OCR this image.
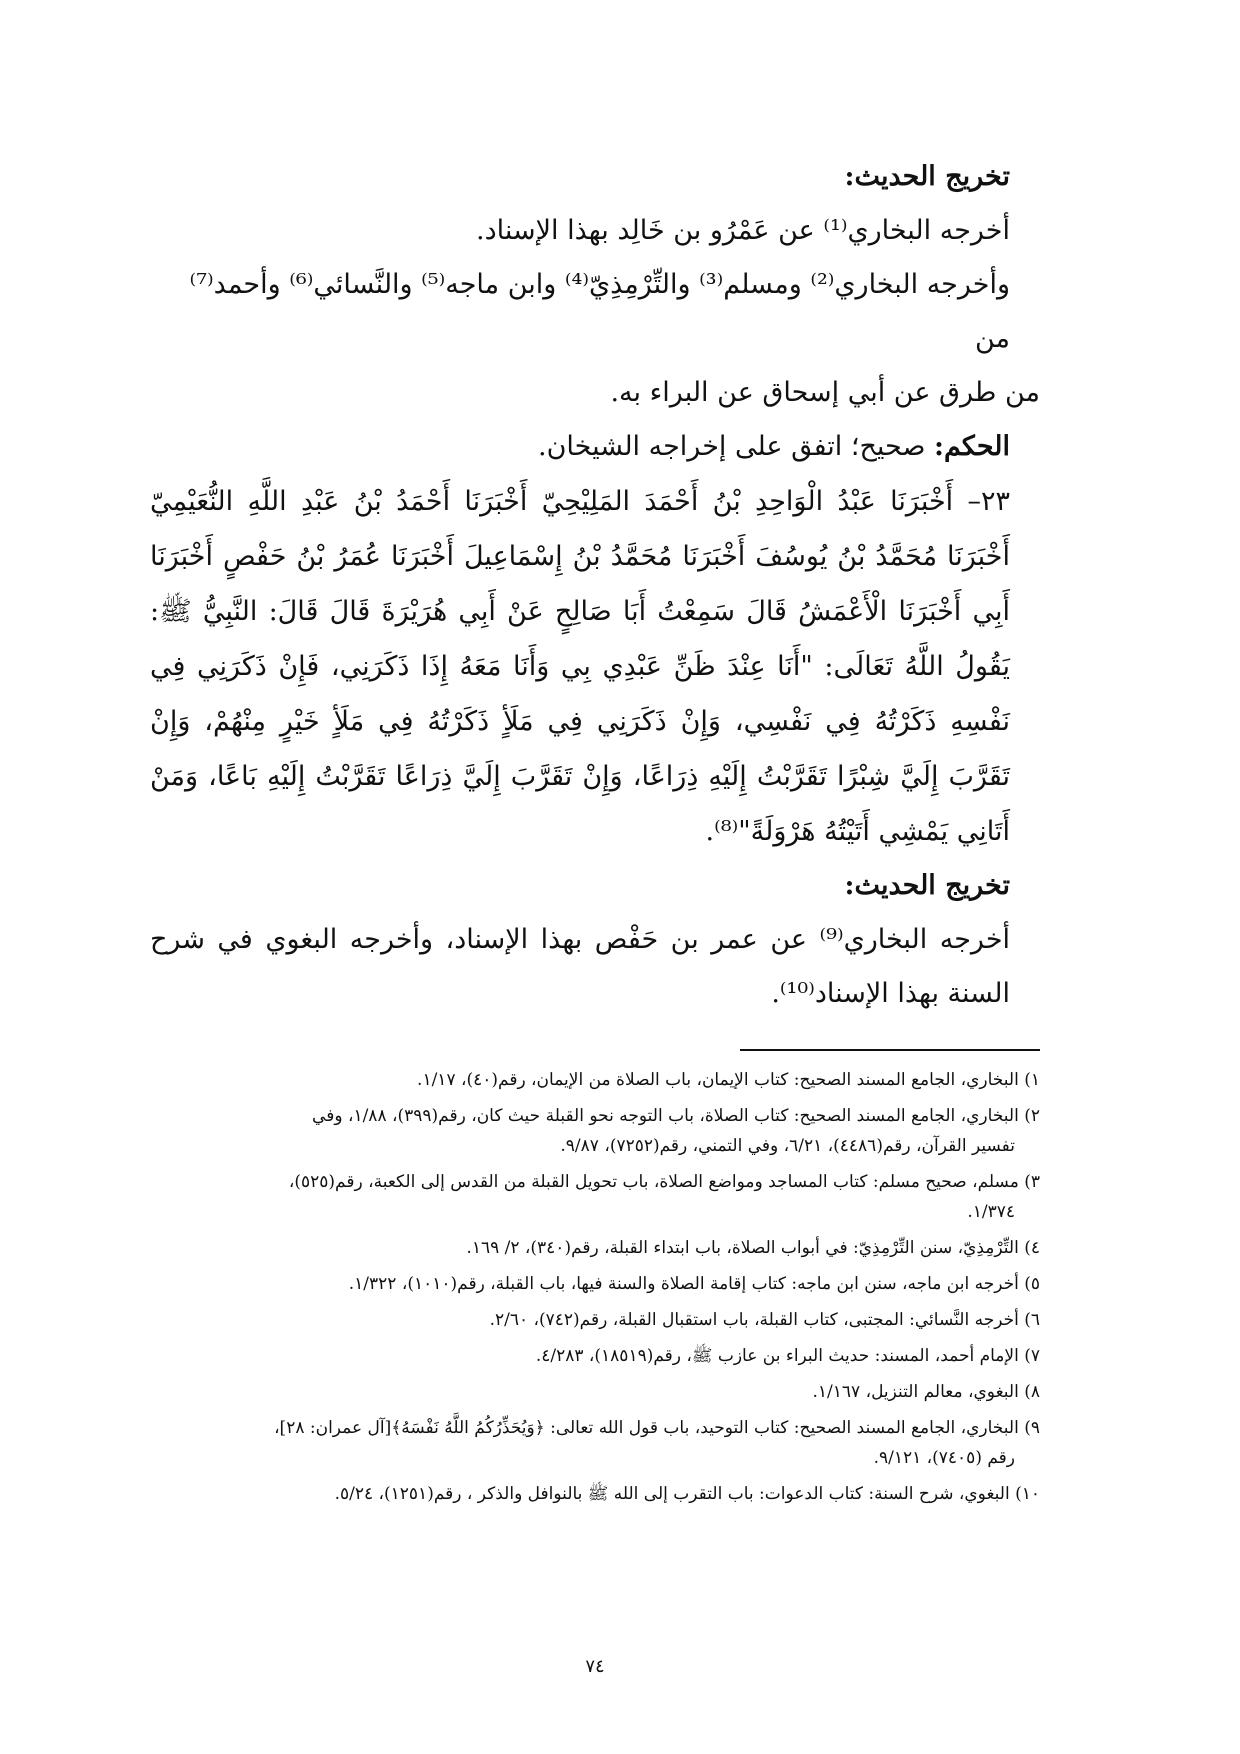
تخريج الحديث:

أخرجه البخاري⁽¹⁾ عن عَمْرُو بن خَالِد بهذا الإسناد.

وأخرجه البخاري⁽²⁾ ومسلم⁽³⁾ والتِّرْمِذِيّ⁽⁴⁾ وابن ماجه⁽⁵⁾ والنَّسائي⁽⁶⁾ وأحمد⁽⁷⁾ من

من طرق عن أبي إسحاق عن البراء به.

الحكم: صحيح؛ اتفق على إخراجه الشيخان.

٢٣– أَخْبَرَنَا عَبْدُ الْوَاحِدِ بْنُ أَحْمَدَ المَلِيْحِيّ أَخْبَرَنَا أَحْمَدُ بْنُ عَبْدِ اللَّهِ النُّعَيْمِيّ أَخْبَرَنَا مُحَمَّدُ بْنُ يُوسُفَ أَخْبَرَنَا مُحَمَّدُ بْنُ إِسْمَاعِيلَ أَخْبَرَنَا عُمَرُ بْنُ حَفْصٍ أَخْبَرَنَا أَبِي أَخْبَرَنَا الْأَعْمَشُ قَالَ سَمِعْتُ أَبَا صَالِحٍ عَنْ أَبِي هُرَيْرَةَ قَالَ قَالَ: النَّبِيُّ ﷺ: يَقُولُ اللَّهُ تَعَالَى: "أَنَا عِنْدَ ظَنِّ عَبْدِي بِي وَأَنَا مَعَهُ إِذَا ذَكَرَنِي، فَإِنْ ذَكَرَنِي فِي نَفْسِهِ ذَكَرْتُهُ فِي نَفْسِي، وَإِنْ ذَكَرَنِي فِي مَلَأٍ ذَكَرْتُهُ فِي مَلَأٍ خَيْرٍ مِنْهُمْ، وَإِنْ تَقَرَّبَ إِلَيَّ شِبْرًا تَقَرَّبْتُ إِلَيْهِ ذِرَاعًا، وَإِنْ تَقَرَّبَ إِلَيَّ ذِرَاعًا تَقَرَّبْتُ إِلَيْهِ بَاعًا، وَمَنْ أَتَانِي يَمْشِي أَتَيْتُهُ هَرْوَلَةً"⁽⁸⁾.

تخريج الحديث:

أخرجه البخاري⁽⁹⁾ عن عمر بن حَفْص بهذا الإسناد، وأخرجه البغوي في شرح السنة بهذا الإسناد⁽¹⁰⁾.

١) البخاري، الجامع المسند الصحيح: كتاب الإيمان، باب الصلاة من الإيمان، رقم(٤٠)، ١/١٧.
٢) البخاري، الجامع المسند الصحيح: كتاب الصلاة، باب التوجه نحو القبلة حيث كان، رقم(٣٩٩)، ١/٨٨، وفي
تفسير القرآن، رقم(٤٤٨٦)، ٦/٢١، وفي التمني، رقم(٧٢٥٢)، ٩/٨٧.
٣) مسلم، صحيح مسلم: كتاب المساجد ومواضع الصلاة، باب تحويل القبلة من القدس إلى الكعبة، رقم(٥٢٥)،
١/٣٧٤.
٤) التِّرْمِذِيّ، سنن التِّرْمِذِيّ: في أبواب الصلاة، باب ابتداء القبلة، رقم(٣٤٠)، ٢/ ١٦٩.
٥) أخرجه ابن ماجه، سنن ابن ماجه: كتاب إقامة الصلاة والسنة فيها، باب القبلة، رقم(١٠١٠)، ١/٣٢٢.
٦) أخرجه النَّسائي: المجتبى، كتاب القبلة، باب استقبال القبلة، رقم(٧٤٢)، ٢/٦٠.
٧) الإمام أحمد، المسند: حديث البراء بن عازب ﷺ، رقم(١٨٥١٩)، ٤/٢٨٣.
٨) البغوي، معالم التنزيل، ١/١٦٧.
٩) البخاري، الجامع المسند الصحيح: كتاب التوحيد، باب قول الله تعالى: ﴿وَيُحَذِّرُكُمُ اللَّهُ نَفْسَهُ﴾[آل عمران: ٢٨]،
رقم (٧٤٠٥)، ٩/١٢١.
١٠) البغوي، شرح السنة: كتاب الدعوات: باب التقرب إلى الله ﷺ بالنوافل والذكر ، رقم(١٢٥١)، ٥/٢٤.
٧٤
